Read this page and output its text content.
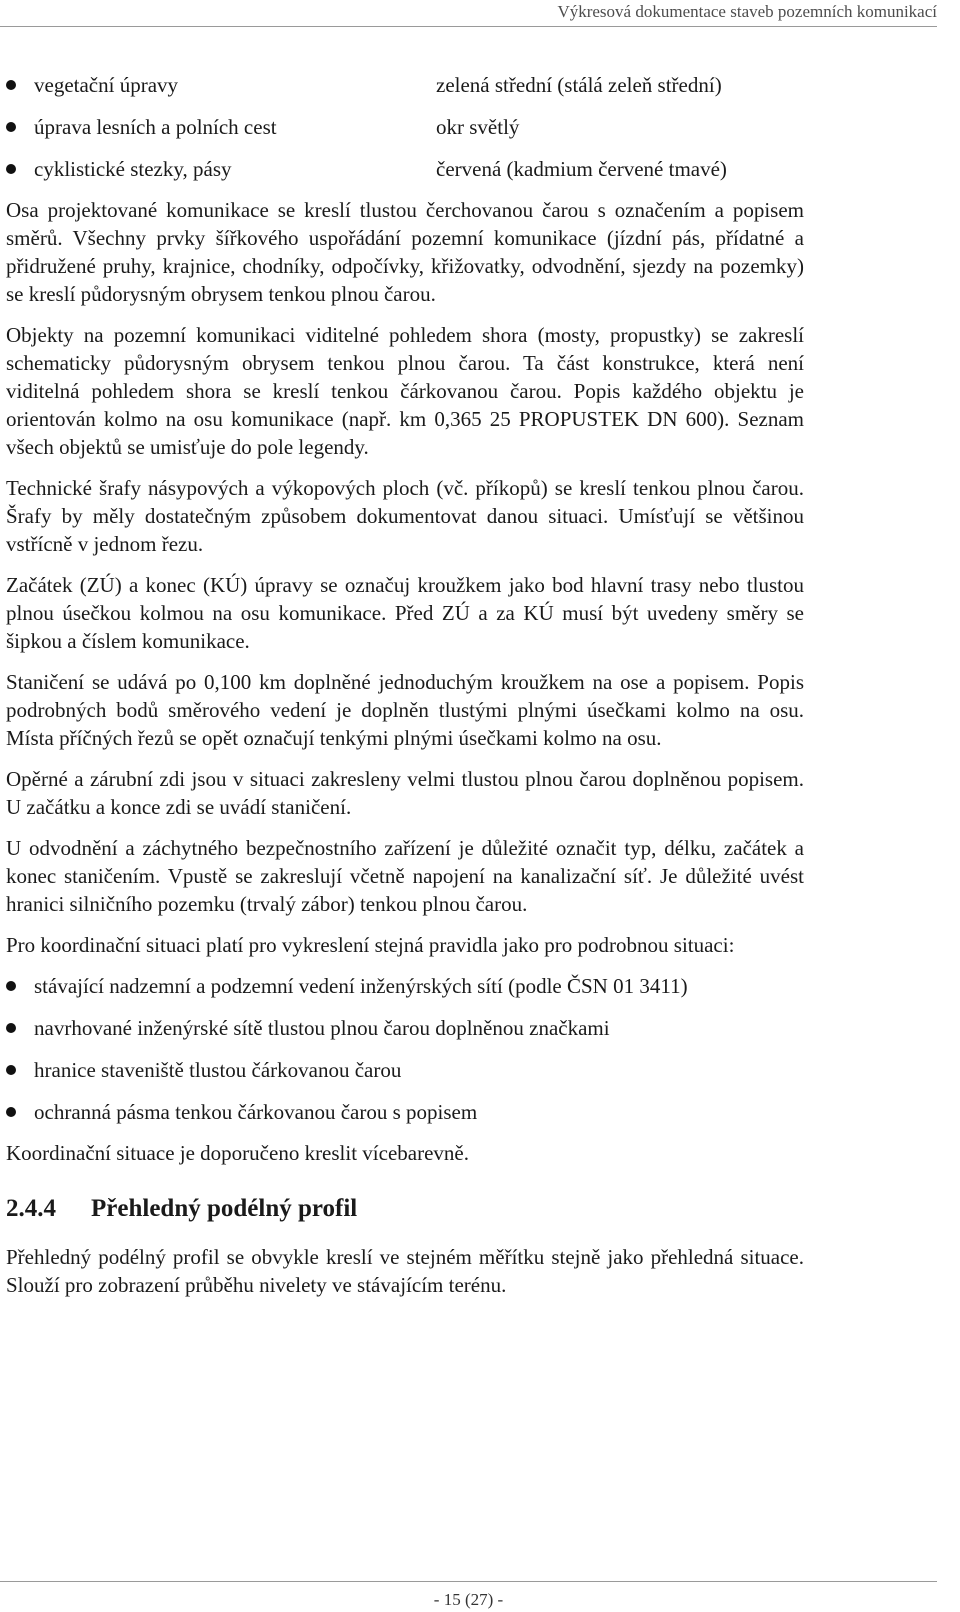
Výkresová dokumentace staveb pozemních komunikací
vegetační úpravy	zelená střední (stálá zeleň střední)
úprava lesních a polních cest	okr světlý
cyklistické stezky, pásy	červená (kadmium červené tmavé)

Osa projektované komunikace se kreslí tlustou čerchovanou čarou s označením a popisem směrů. Všechny prvky šířkového uspořádání pozemní komunikace (jízdní pás, přídatné a přidružené pruhy, krajnice, chodníky, odpočívky, křižovatky, odvodnění, sjezdy na pozemky) se kreslí půdorysným obrysem tenkou plnou čarou.

Objekty na pozemní komunikaci viditelné pohledem shora (mosty, propustky) se zakreslí schematicky půdorysným obrysem tenkou plnou čarou. Ta část konstrukce, která není viditelná pohledem shora se kreslí tenkou čárkovanou čarou. Popis každého objektu je orientován kolmo na osu komunikace (např. km 0,365 25 PROPUSTEK DN 600). Seznam všech objektů se umisťuje do pole legendy.

Technické šrafy násypových a výkopových ploch (vč. příkopů) se kreslí tenkou plnou čarou. Šrafy by měly dostatečným způsobem dokumentovat danou situaci. Umísťují se většinou vstřícně v jednom řezu.

Začátek (ZÚ) a konec (KÚ) úpravy se označuj kroužkem jako bod hlavní trasy nebo tlustou plnou úsečkou kolmou na osu komunikace. Před ZÚ a za KÚ musí být uvedeny směry se šipkou a číslem komunikace.

Staničení se udává po 0,100 km doplněné jednoduchým kroužkem na ose a popisem. Popis podrobných bodů směrového vedení je doplněn tlustými plnými úsečkami kolmo na osu. Místa příčných řezů se opět označují tenkými plnými úsečkami kolmo na osu.

Opěrné a zárubní zdi jsou v situaci zakresleny velmi tlustou plnou čarou doplněnou popisem. U začátku a konce zdi se uvádí staničení.

U odvodnění a záchytného bezpečnostního zařízení je důležité označit typ, délku, začátek a konec staničením. Vpustě se zakreslují včetně napojení na kanalizační síť. Je důležité uvést hranici silničního pozemku (trvalý zábor) tenkou plnou čarou.

Pro koordinační situaci platí pro vykreslení stejná pravidla jako pro podrobnou situaci:

stávající nadzemní a podzemní vedení inženýrských sítí (podle ČSN 01 3411)
navrhované inženýrské sítě tlustou plnou čarou doplněnou značkami
hranice staveniště tlustou čárkovanou čarou
ochranná pásma tenkou čárkovanou čarou s popisem

Koordinační situace je doporučeno kreslit vícebarevně.

2.4.4 Přehledný podélný profil

Přehledný podélný profil se obvykle kreslí ve stejném měřítku stejně jako přehledná situace. Slouží pro zobrazení průběhu nivelety ve stávajícím terénu.

- 15 (27) -
